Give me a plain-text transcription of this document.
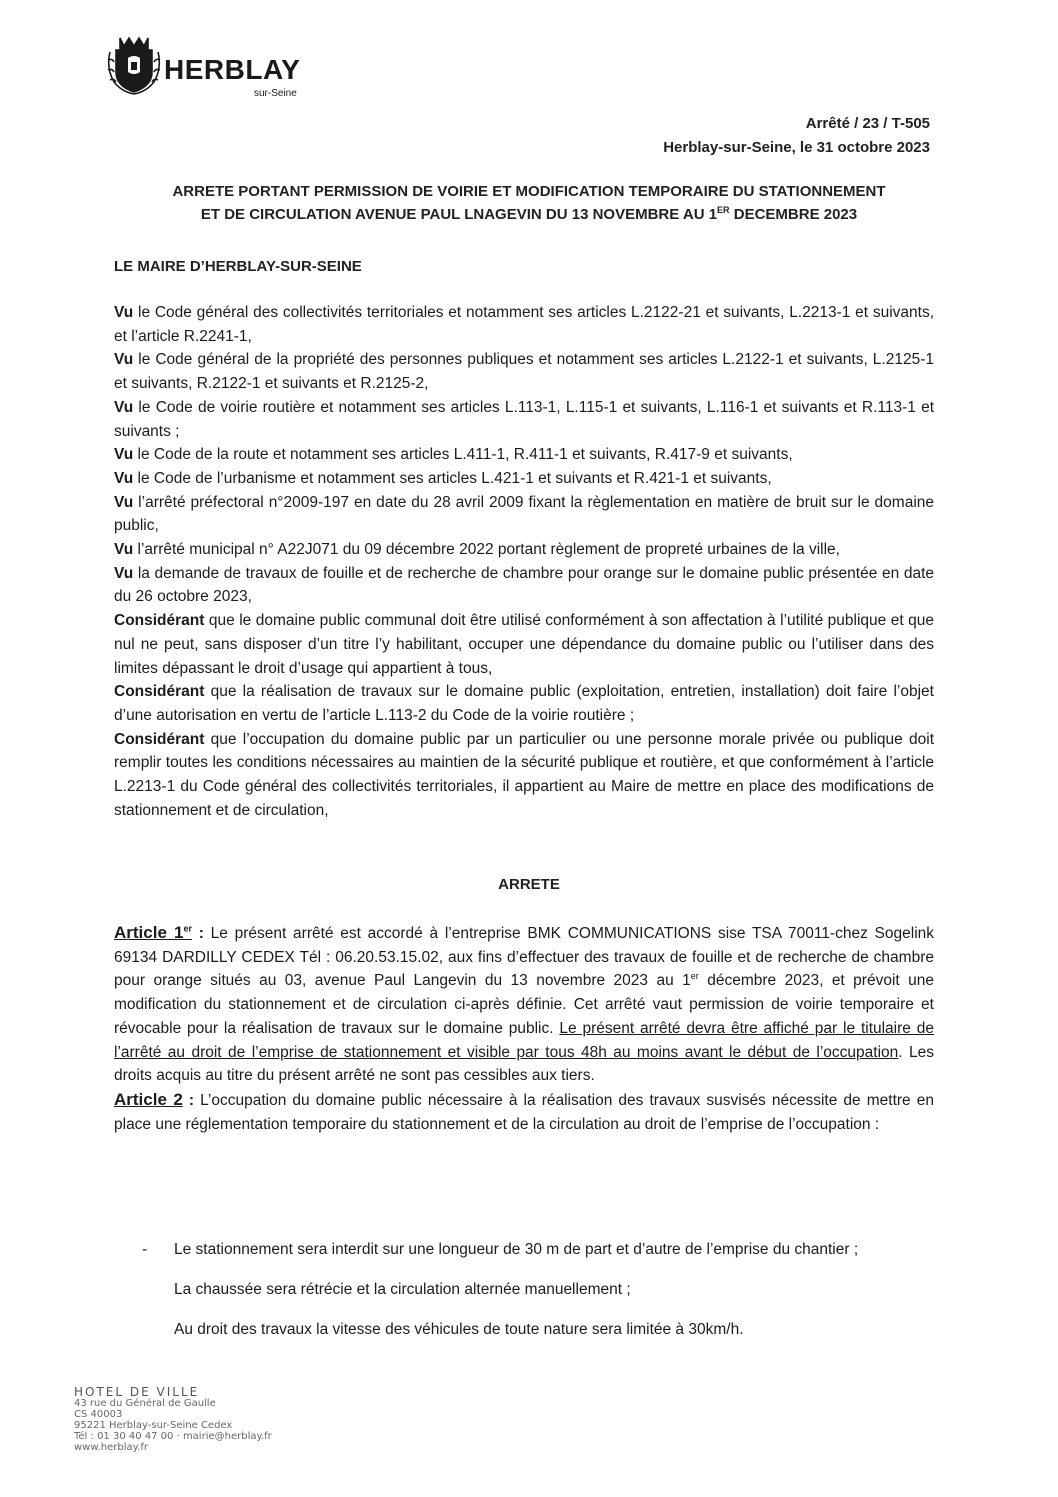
HERBLAY
sur-Seine
Arrêté / 23 / T-505
Herblay-sur-Seine, le 31 octobre 2023
ARRETE PORTANT PERMISSION DE VOIRIE ET MODIFICATION TEMPORAIRE DU STATIONNEMENT
ET DE CIRCULATION AVENUE PAUL LNAGEVIN DU 13 NOVEMBRE AU 1ER DECEMBRE 2023
LE MAIRE D’HERBLAY-SUR-SEINE

Vu le Code général des collectivités territoriales et notamment ses articles L.2122-21 et suivants, L.2213-1 et suivants, et l’article R.2241-1,

Vu le Code général de la propriété des personnes publiques et notamment ses articles L.2122-1 et suivants, L.2125-1 et suivants, R.2122-1 et suivants et R.2125-2,

Vu le Code de voirie routière et notamment ses articles L.113-1, L.115-1 et suivants, L.116-1 et suivants et R.113-1 et suivants ;

Vu le Code de la route et notamment ses articles L.411-1, R.411-1 et suivants, R.417-9 et suivants,

Vu le Code de l’urbanisme et notamment ses articles L.421-1 et suivants et R.421-1 et suivants,

Vu l’arrêté préfectoral n°2009-197 en date du 28 avril 2009 fixant la règlementation en matière de bruit sur le domaine public,

Vu l’arrêté municipal n° A22J071 du 09 décembre 2022 portant règlement de propreté urbaines de la ville,

Vu la demande de travaux de fouille et de recherche de chambre pour orange sur le domaine public présentée en date du 26 octobre 2023,

Considérant que le domaine public communal doit être utilisé conformément à son affectation à l’utilité publique et que nul ne peut, sans disposer d’un titre l’y habilitant, occuper une dépendance du domaine public ou l’utiliser dans des limites dépassant le droit d’usage qui appartient à tous,

Considérant que la réalisation de travaux sur le domaine public (exploitation, entretien, installation) doit faire l’objet d’une autorisation en vertu de l’article L.113-2 du Code de la voirie routière ;

Considérant que l’occupation du domaine public par un particulier ou une personne morale privée ou publique doit remplir toutes les conditions nécessaires au maintien de la sécurité publique et routière, et que conformément à l’article L.2213-1 du Code général des collectivités territoriales, il appartient au Maire de mettre en place des modifications de stationnement et de circulation,

ARRETE

Article 1er : Le présent arrêté est accordé à l’entreprise BMK COMMUNICATIONS sise TSA 70011-chez Sogelink 69134 DARDILLY CEDEX Tél : 06.20.53.15.02, aux fins d’effectuer des travaux de fouille et de recherche de chambre pour orange situés au 03, avenue Paul Langevin du 13 novembre 2023 au 1er décembre 2023, et prévoit une modification du stationnement et de circulation ci-après définie. Cet arrêté vaut permission de voirie temporaire et révocable pour la réalisation de travaux sur le domaine public. Le présent arrêté devra être affiché par le titulaire de l’arrêté au droit de l’emprise de stationnement et visible par tous 48h au moins avant le début de l’occupation. Les droits acquis au titre du présent arrêté ne sont pas cessibles aux tiers.

Article 2 : L’occupation du domaine public nécessaire à la réalisation des travaux susvisés nécessite de mettre en place une réglementation temporaire du stationnement et de la circulation au droit de l’emprise de l’occupation :

- Le stationnement sera interdit sur une longueur de 30 m de part et d’autre de l’emprise du chantier ;

La chaussée sera rétrécie et la circulation alternée manuellement ;

Au droit des travaux la vitesse des véhicules de toute nature sera limitée à 30km/h.

HOTEL DE VILLE
43 rue du Général de Gaulle
CS 40003
95221 Herblay-sur-Seine Cedex
Tél : 01 30 40 47 00 · mairie@herblay.fr
www.herblay.fr
